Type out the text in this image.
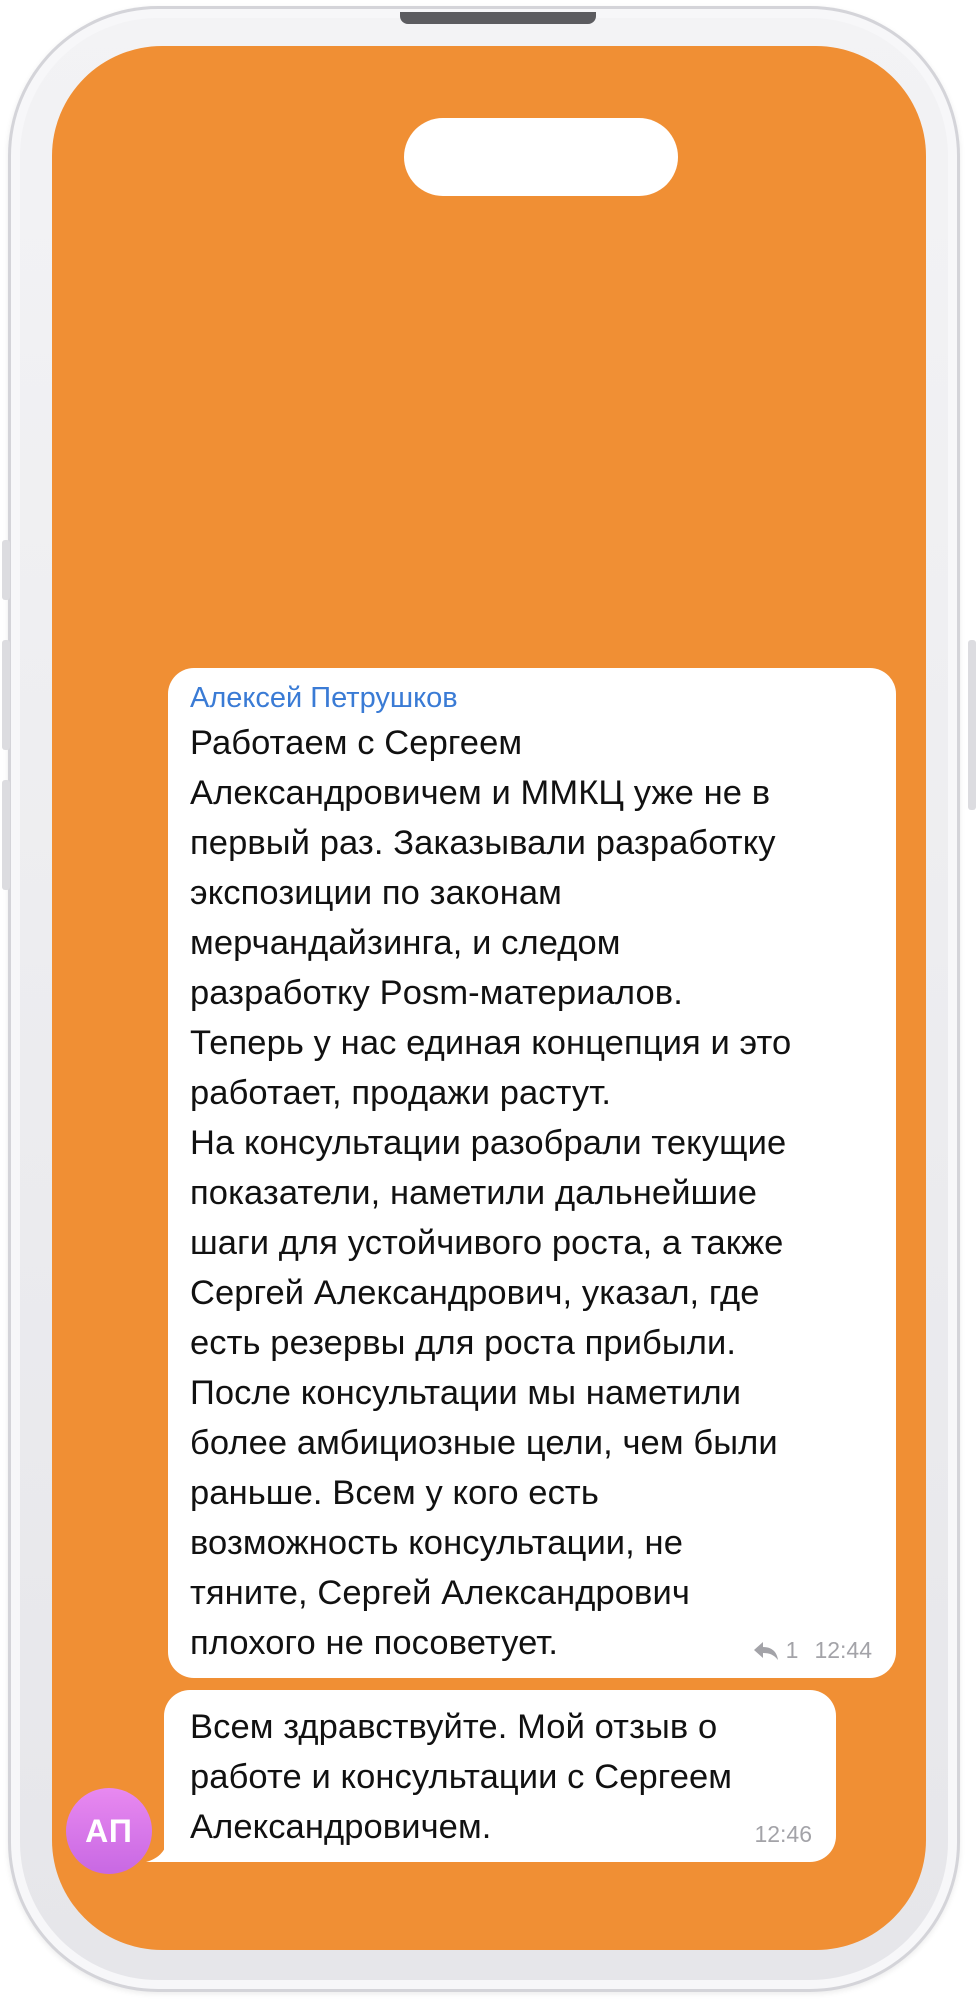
Алексей Петрушков
Работаем с Сергеем
Александровичем и ММКЦ уже не в
первый раз. Заказывали разработку
экспозиции по законам
мерчандайзинга, и следом
разработку Posm-материалов.
Теперь у нас единая концепция и это
работает, продажи растут.
На консультации разобрали текущие
показатели, наметили дальнейшие
шаги для устойчивого роста, а также
Сергей Александрович, указал, где
есть резервы для роста прибыли.
После консультации мы наметили
более амбициозные цели, чем были
раньше. Всем у кого есть
возможность консультации, не
тяните, Сергей Александрович
плохого не посоветует.	1 12:44
Всем здравствуйте. Мой отзыв о
работе и консультации с Сергеем
Александровичем.	12:46
АП
